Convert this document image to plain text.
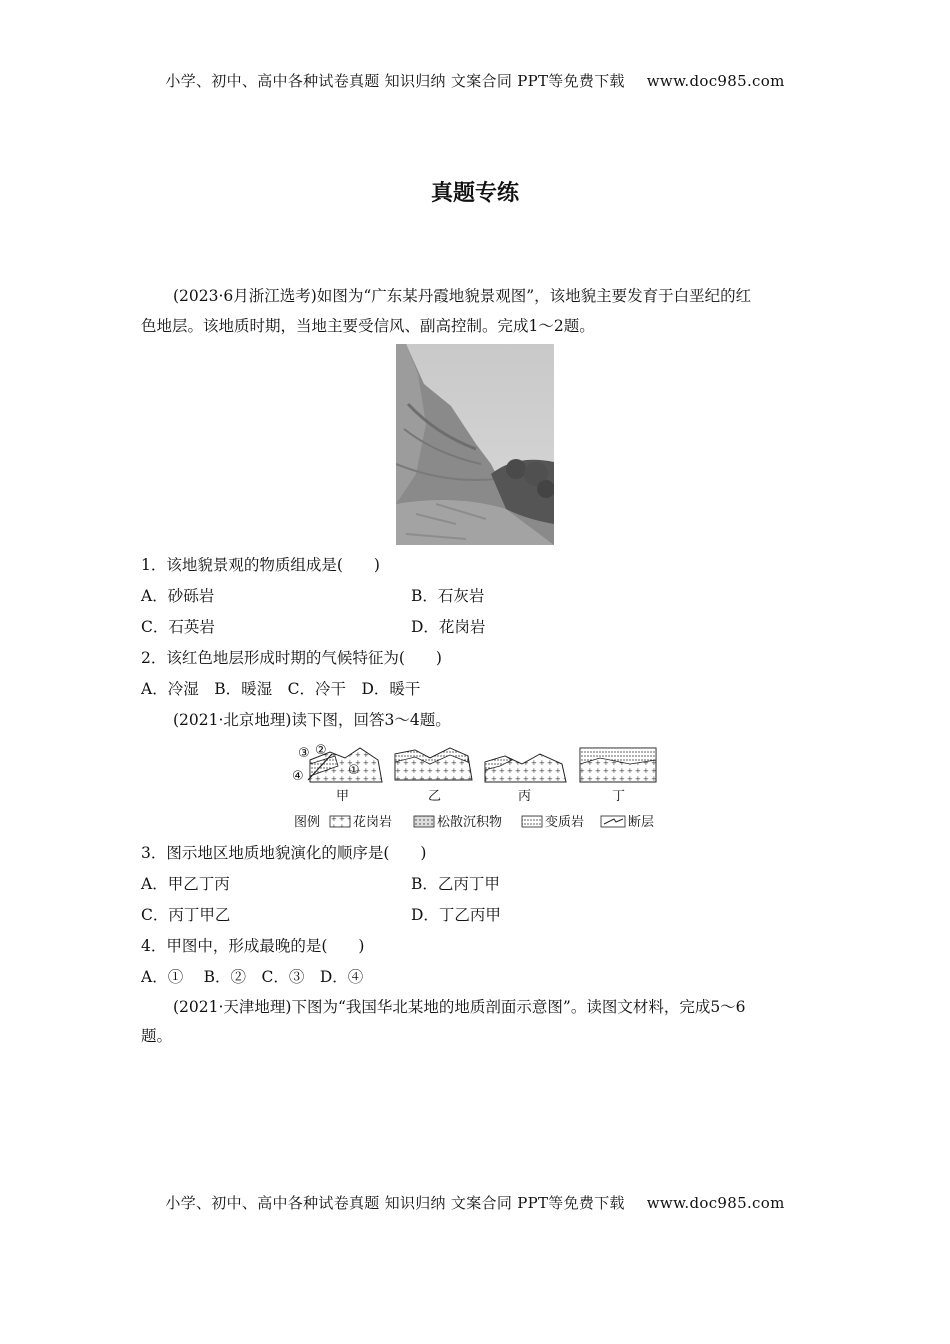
小学、初中、高中各种试卷真题 知识归纳 文案合同 PPT等免费下载 www.doc985.com
真题专练
(2023·6月浙江选考)如图为“广东某丹霞地貌景观图”，该地貌主要发育于白垩纪的红
色地层。该地质时期，当地主要受信风、副高控制。完成1～2题。
1．该地貌景观的物质组成是(　　)
A．砂砾岩	B．石灰岩
C．石英岩	D．花岗岩
2．该红色地层形成时期的气候特征为(　　)
A．冷湿　B．暖湿　C．冷干　D．暖干
(2021·北京地理)读下图，回答3～4题。
③ ②
④	①
甲	乙	丙	丁
图例	花岗岩	松散沉积物	变质岩	断层
3．图示地区地质地貌演化的顺序是(　　)
A．甲乙丁丙	B．乙丙丁甲
C．丙丁甲乙	D．丁乙丙甲
4．甲图中，形成最晚的是(　　)
A．①　 B．②　C．③　D．④
(2021·天津地理)下图为“我国华北某地的地质剖面示意图”。读图文材料，完成5～6
题。
小学、初中、高中各种试卷真题 知识归纳 文案合同 PPT等免费下载 www.doc985.com
